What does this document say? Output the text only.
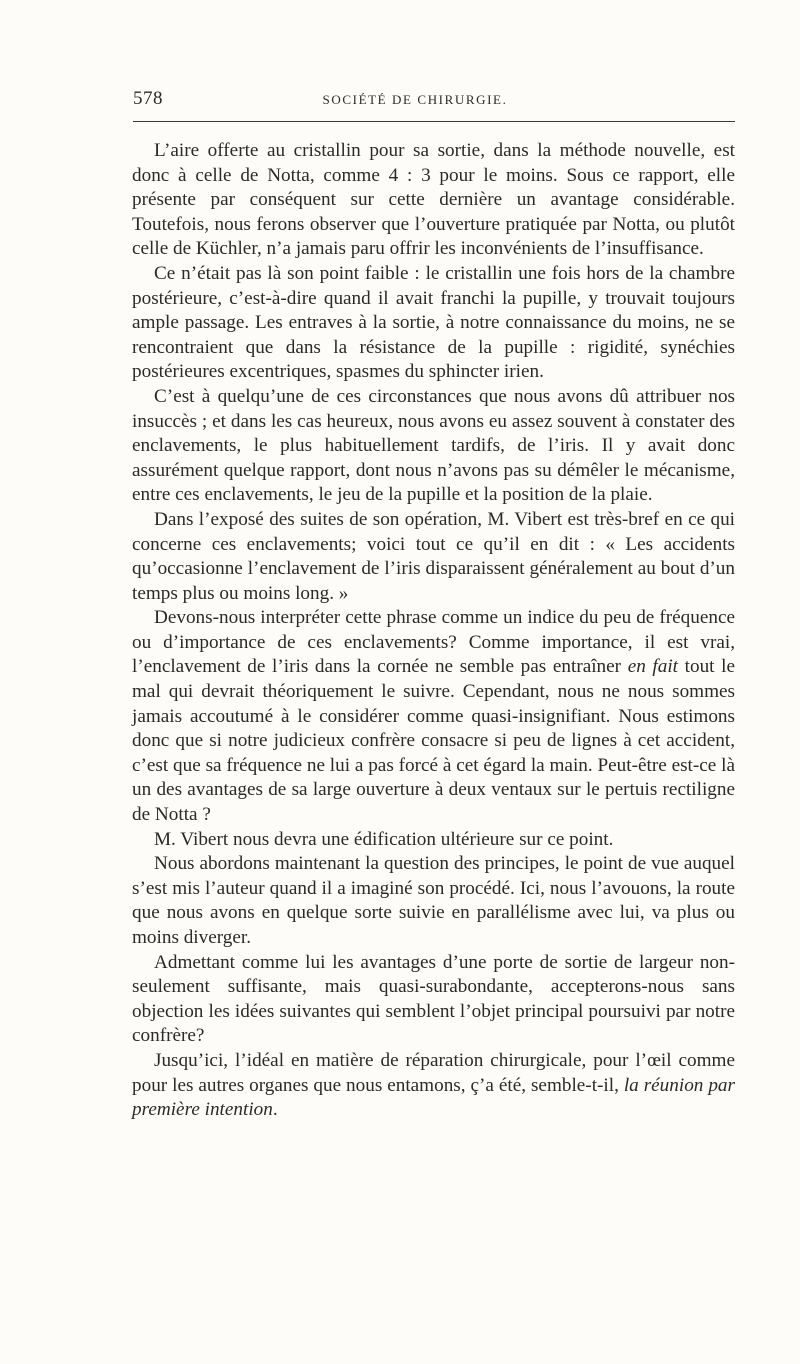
578	SOCIÉTÉ DE CHIRURGIE.

L’aire offerte au cristallin pour sa sortie, dans la méthode nouvelle, est donc à celle de Notta, comme 4 : 3 pour le moins. Sous ce rapport, elle présente par conséquent sur cette dernière un avantage considérable. Toutefois, nous ferons observer que l’ouverture pratiquée par Notta, ou plutôt celle de Küchler, n’a jamais paru offrir les inconvénients de l’insuffisance.

Ce n’était pas là son point faible : le cristallin une fois hors de la chambre postérieure, c’est-à-dire quand il avait franchi la pupille, y trouvait toujours ample passage. Les entraves à la sortie, à notre connaissance du moins, ne se rencontraient que dans la résistance de la pupille : rigidité, synéchies postérieures excentriques, spasmes du sphincter irien.

C’est à quelqu’une de ces circonstances que nous avons dû attribuer nos insuccès ; et dans les cas heureux, nous avons eu assez souvent à constater des enclavements, le plus habituellement tardifs, de l’iris. Il y avait donc assurément quelque rapport, dont nous n’avons pas su démêler le mécanisme, entre ces enclavements, le jeu de la pupille et la position de la plaie.

Dans l’exposé des suites de son opération, M. Vibert est très-bref en ce qui concerne ces enclavements; voici tout ce qu’il en dit : « Les accidents qu’occasionne l’enclavement de l’iris disparaissent généralement au bout d’un temps plus ou moins long. »

Devons-nous interpréter cette phrase comme un indice du peu de fréquence ou d’importance de ces enclavements? Comme importance, il est vrai, l’enclavement de l’iris dans la cornée ne semble pas entraîner en fait tout le mal qui devrait théoriquement le suivre. Cependant, nous ne nous sommes jamais accoutumé à le considérer comme quasi-insignifiant. Nous estimons donc que si notre judicieux confrère consacre si peu de lignes à cet accident, c’est que sa fréquence ne lui a pas forcé à cet égard la main. Peut-être est-ce là un des avantages de sa large ouverture à deux ventaux sur le pertuis rectiligne de Notta ?

M. Vibert nous devra une édification ultérieure sur ce point.

Nous abordons maintenant la question des principes, le point de vue auquel s’est mis l’auteur quand il a imaginé son procédé. Ici, nous l’avouons, la route que nous avons en quelque sorte suivie en parallélisme avec lui, va plus ou moins diverger.

Admettant comme lui les avantages d’une porte de sortie de largeur non-seulement suffisante, mais quasi-surabondante, accepterons-nous sans objection les idées suivantes qui semblent l’objet principal poursuivi par notre confrère?

Jusqu’ici, l’idéal en matière de réparation chirurgicale, pour l’œil comme pour les autres organes que nous entamons, ç’a été, semble-t-il, la réunion par première intention.
